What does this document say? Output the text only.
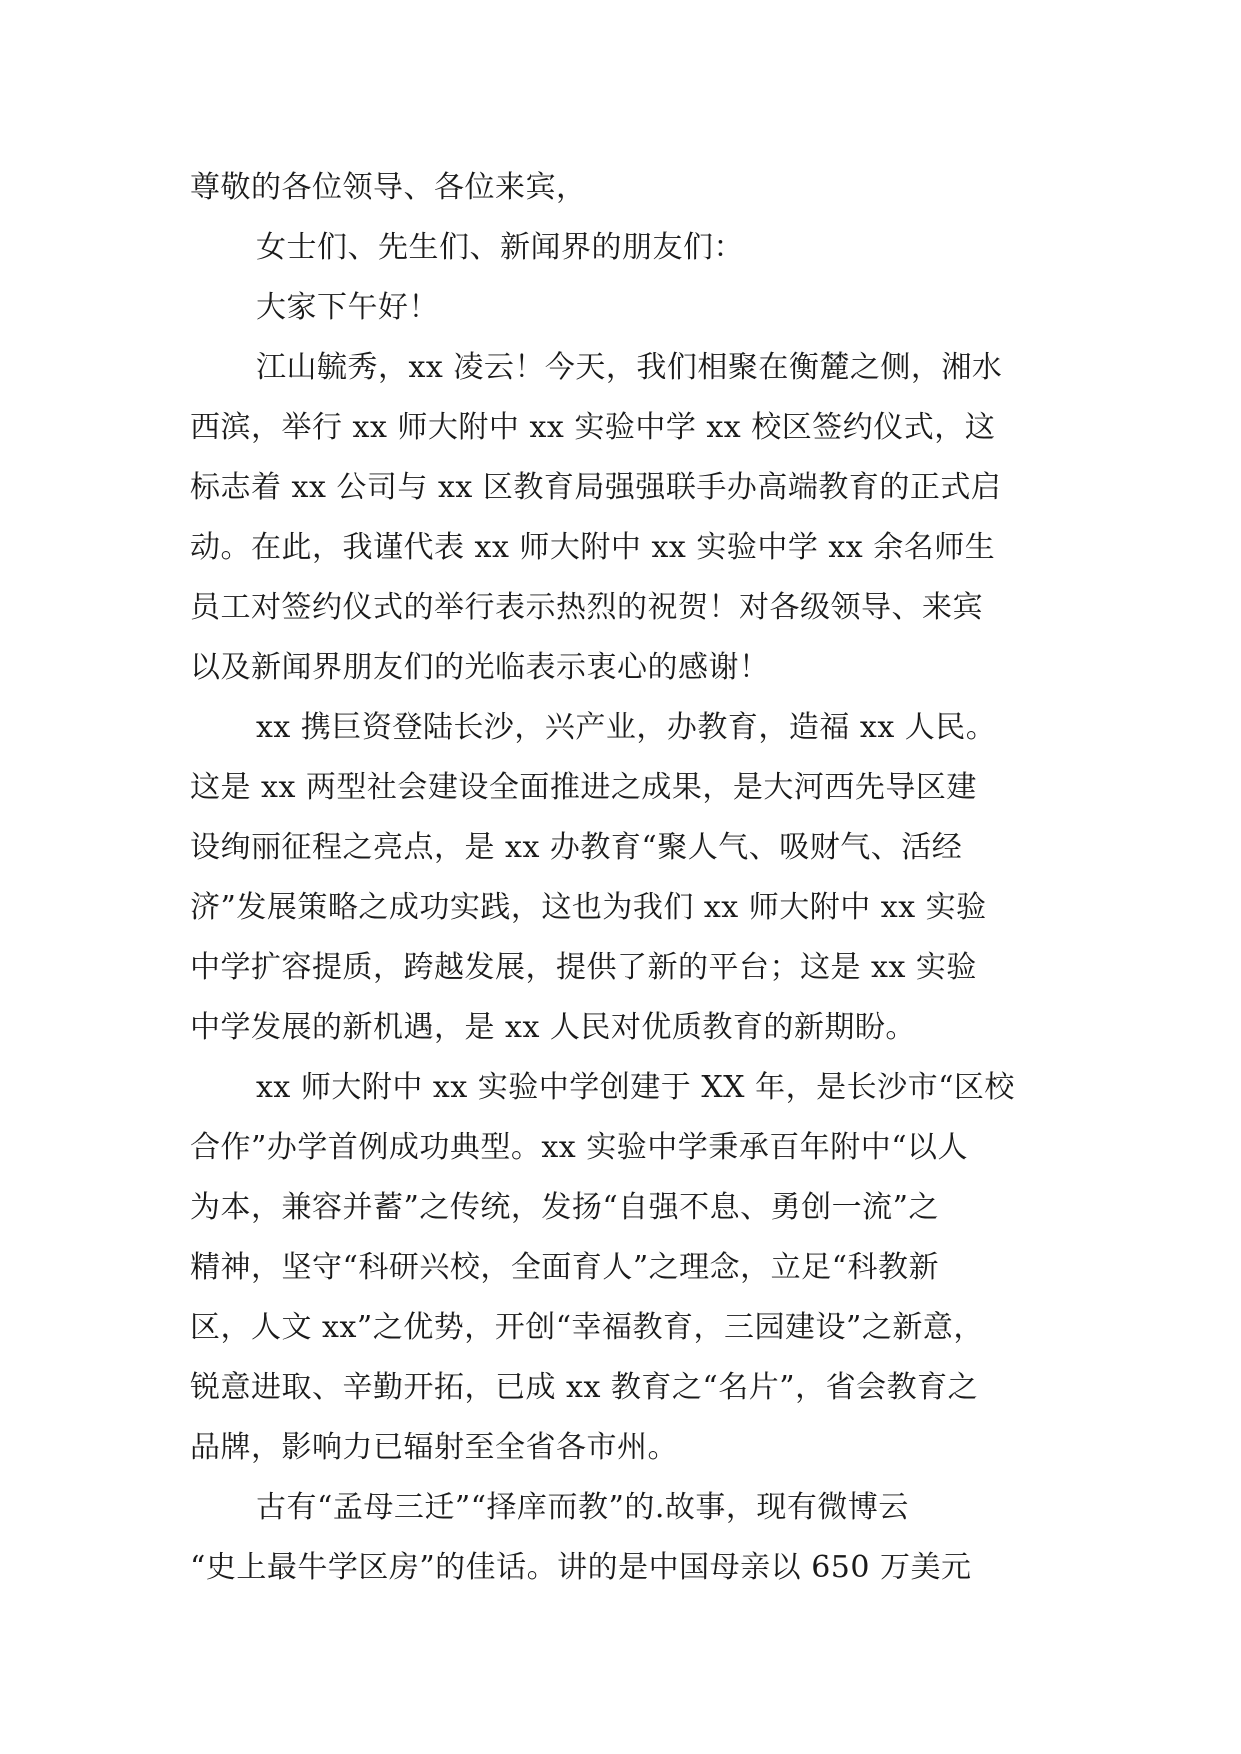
尊敬的各位领导、各位来宾，
女士们、先生们、新闻界的朋友们：
大家下午好！
江山毓秀，xx 凌云！今天，我们相聚在衡麓之侧，湘水
西滨，举行 xx 师大附中 xx 实验中学 xx 校区签约仪式，这
标志着 xx 公司与 xx 区教育局强强联手办高端教育的正式启
动。在此，我谨代表 xx 师大附中 xx 实验中学 xx 余名师生
员工对签约仪式的举行表示热烈的祝贺！对各级领导、来宾
以及新闻界朋友们的光临表示衷心的感谢！
xx 携巨资登陆长沙，兴产业，办教育，造福 xx 人民。
这是 xx 两型社会建设全面推进之成果，是大河西先导区建
设绚丽征程之亮点，是 xx 办教育“聚人气、吸财气、活经
济”发展策略之成功实践，这也为我们 xx 师大附中 xx 实验
中学扩容提质，跨越发展，提供了新的平台；这是 xx 实验
中学发展的新机遇，是 xx 人民对优质教育的新期盼。
xx 师大附中 xx 实验中学创建于 XX 年，是长沙市“区校
合作”办学首例成功典型。xx 实验中学秉承百年附中“以人
为本，兼容并蓄”之传统，发扬“自强不息、勇创一流”之
精神，坚守“科研兴校，全面育人”之理念，立足“科教新
区，人文 xx”之优势，开创“幸福教育，三园建设”之新意，
锐意进取、辛勤开拓，已成 xx 教育之“名片”，省会教育之
品牌，影响力已辐射至全省各市州。
古有“孟母三迁”“择庠而教”的.故事，现有微博云
“史上最牛学区房”的佳话。讲的是中国母亲以 650 万美元
